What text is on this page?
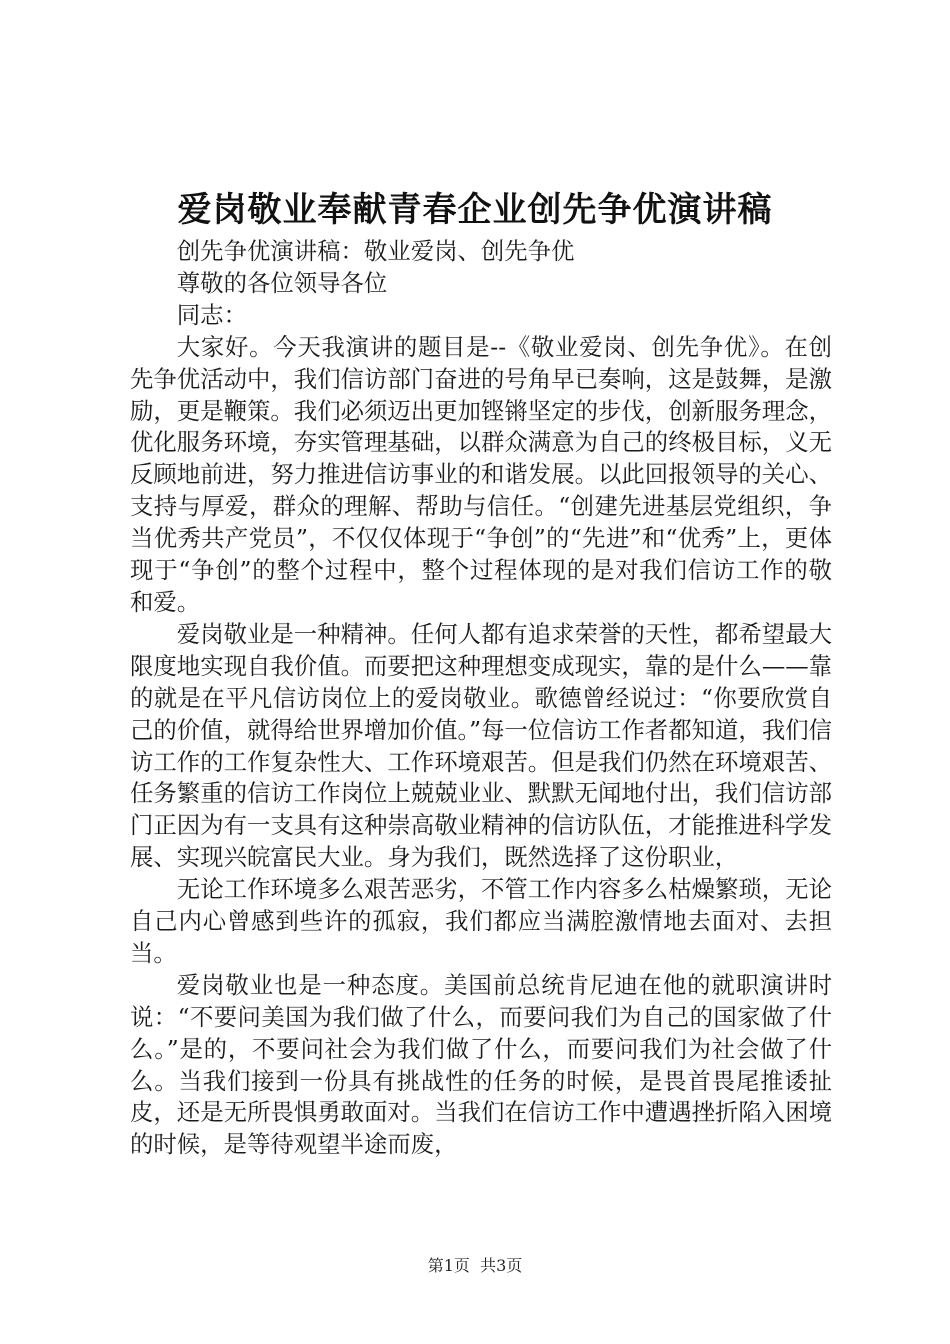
爱岗敬业奉献青春企业创先争优演讲稿

创先争优演讲稿：敬业爱岗、创先争优

尊敬的各位领导各位

同志：

大家好。今天我演讲的题目是--《敬业爱岗、创先争优》。在创先争优活动中，我们信访部门奋进的号角早已奏响，这是鼓舞，是激励，更是鞭策。我们必须迈出更加铿锵坚定的步伐，创新服务理念，优化服务环境，夯实管理基础，以群众满意为自己的终极目标，义无反顾地前进，努力推进信访事业的和谐发展。以此回报领导的关心、支持与厚爱，群众的理解、帮助与信任。“创建先进基层党组织，争当优秀共产党员”，不仅仅体现于“争创”的“先进”和“优秀”上，更体现于“争创”的整个过程中，整个过程体现的是对我们信访工作的敬和爱。

爱岗敬业是一种精神。任何人都有追求荣誉的天性，都希望最大限度地实现自我价值。而要把这种理想变成现实，靠的是什么——靠的就是在平凡信访岗位上的爱岗敬业。歌德曾经说过：“你要欣赏自己的价值，就得给世界增加价值。”每一位信访工作者都知道，我们信访工作的工作复杂性大、工作环境艰苦。但是我们仍然在环境艰苦、任务繁重的信访工作岗位上兢兢业业、默默无闻地付出，我们信访部门正因为有一支具有这种崇高敬业精神的信访队伍，才能推进科学发展、实现兴皖富民大业。身为我们，既然选择了这份职业，

无论工作环境多么艰苦恶劣，不管工作内容多么枯燥繁琐，无论自己内心曾感到些许的孤寂，我们都应当满腔激情地去面对、去担当。

爱岗敬业也是一种态度。美国前总统肯尼迪在他的就职演讲时说：“不要问美国为我们做了什么，而要问我们为自己的国家做了什么。”是的，不要问社会为我们做了什么，而要问我们为社会做了什么。当我们接到一份具有挑战性的任务的时候，是畏首畏尾推诿扯皮，还是无所畏惧勇敢面对。当我们在信访工作中遭遇挫折陷入困境的时候，是等待观望半途而废，

第1页  共3页
